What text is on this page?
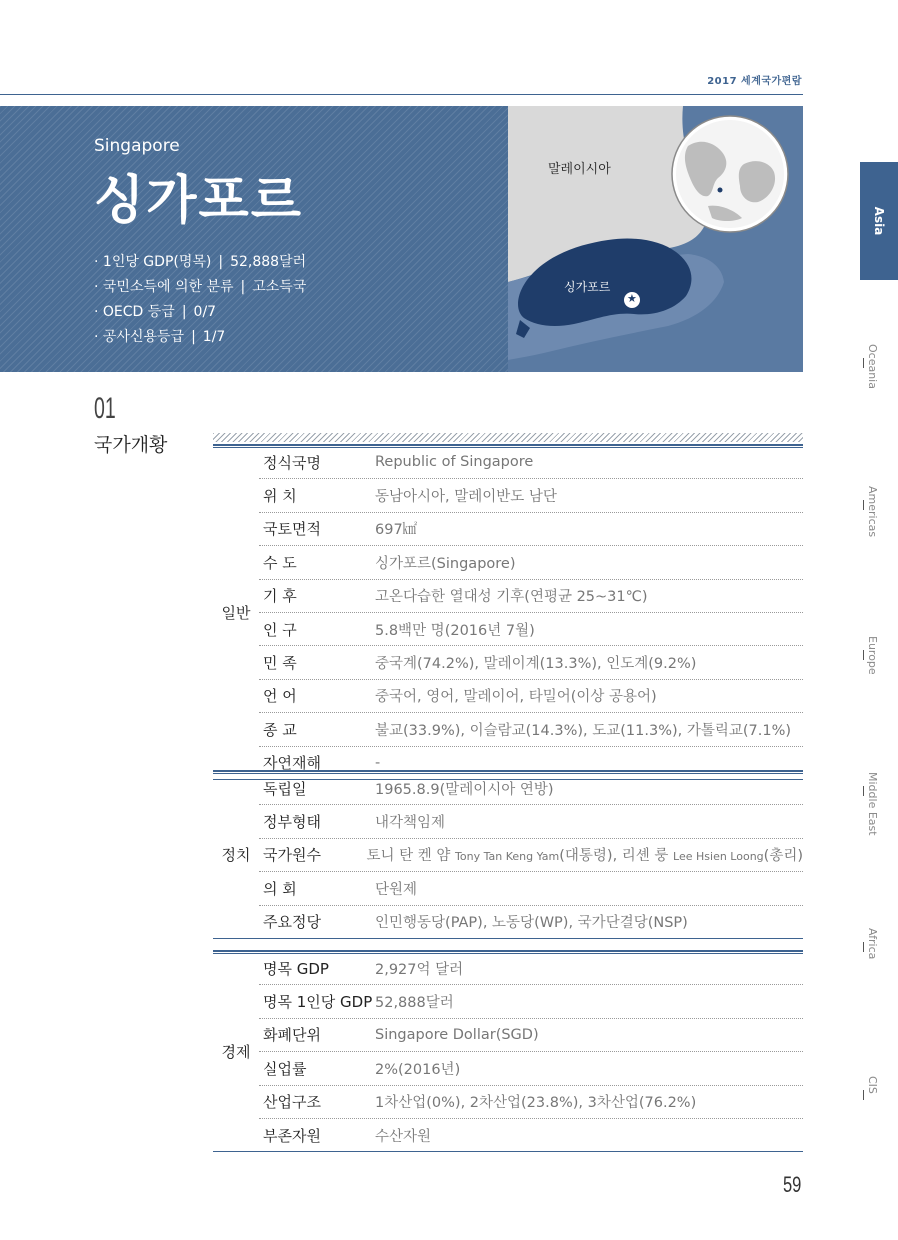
2017 세계국가편람
Singapore
싱가포르
· 1인당 GDP(명목) | 52,888달러
· 국민소득에 의한 분류 | 고소득국
· OECD 등급 | 0/7
· 공사신용등급 | 1/7
말레이시아
싱가포르
★
Asia
Oceania
Americas
Europe
Middle East
Africa
CIS
01
국가개황
일반
정식국명	Republic of Singapore
위 치	동남아시아, 말레이반도 남단
국토면적	697㎢
수 도	싱가포르(Singapore)
기 후	고온다습한 열대성 기후(연평균 25~31℃)
인 구	5.8백만 명(2016년 7월)
민 족	중국계(74.2%), 말레이계(13.3%), 인도계(9.2%)
언 어	중국어, 영어, 말레이어, 타밀어(이상 공용어)
종 교	불교(33.9%), 이슬람교(14.3%), 도교(11.3%), 가톨릭교(7.1%)
자연재해	-
정치
독립일	1965.8.9(말레이시아 연방)
정부형태	내각책임제
국가원수	토니 탄 켄 얌 Tony Tan Keng Yam(대통령), 리셴 룽 Lee Hsien Loong(총리)
의 회	단원제
주요정당	인민행동당(PAP), 노동당(WP), 국가단결당(NSP)
경제
명목 GDP	2,927억 달러
명목 1인당 GDP 52,888달러
화폐단위	Singapore Dollar(SGD)
실업률	2%(2016년)
산업구조	1차산업(0%), 2차산업(23.8%), 3차산업(76.2%)
부존자원	수산자원
59
